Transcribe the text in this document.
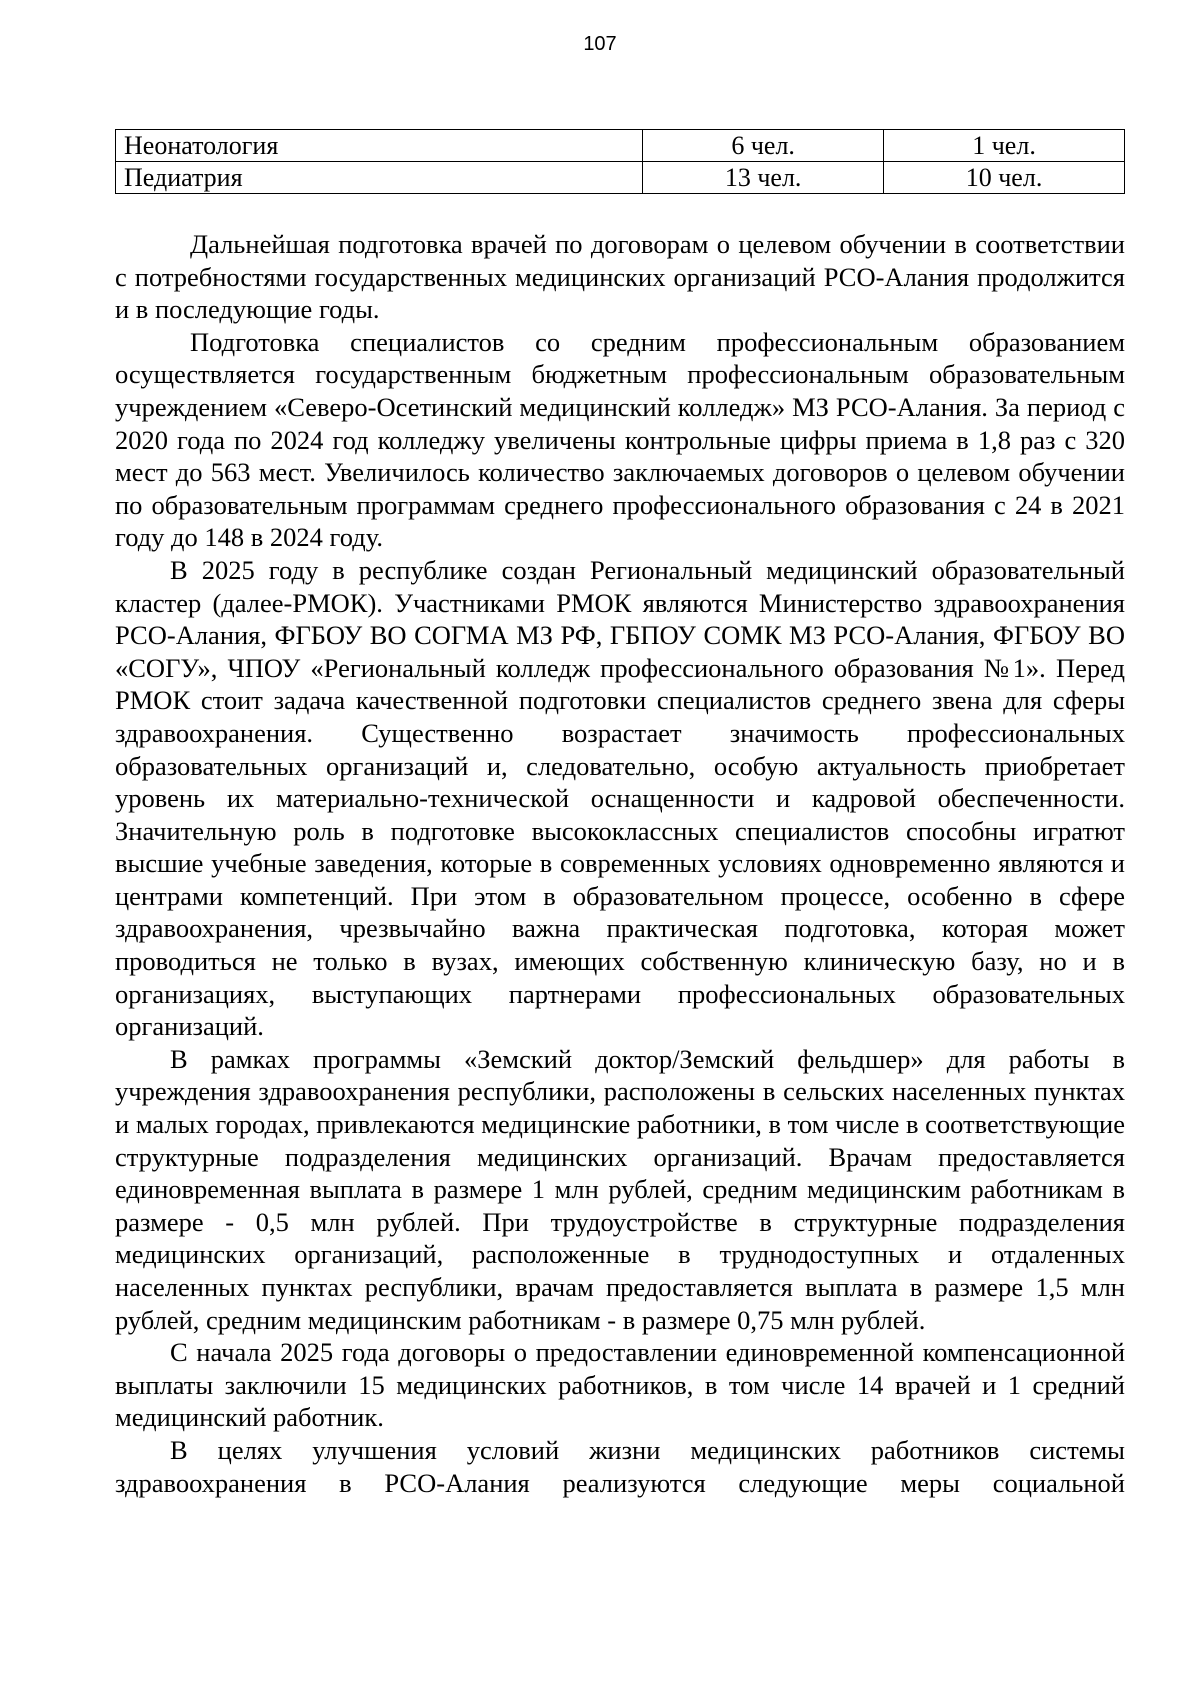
107
Неонатология	6 чел.	1 чел.
Педиатрия	13 чел.	10 чел.

Дальнейшая подготовка врачей по договорам о целевом обучении в соответствии с потребностями государственных медицинских организаций РСО-Алания продолжится и в последующие годы.

Подготовка специалистов со средним профессиональным образованием осуществляется государственным бюджетным профессиональным образовательным учреждением «Северо-Осетинский медицинский колледж» МЗ РСО-Алания. За период с 2020 года по 2024 год колледжу увеличены контрольные цифры приема в 1,8 раз с 320 мест до 563 мест. Увеличилось количество заключаемых договоров о целевом обучении по образовательным программам среднего профессионального образования с 24 в 2021 году до 148 в 2024 году.

В 2025 году в республике создан Региональный медицинский образовательный кластер (далее-РМОК). Участниками РМОК являются Министерство здравоохранения РСО-Алания, ФГБОУ ВО СОГМА МЗ РФ, ГБПОУ СОМК МЗ РСО-Алания, ФГБОУ ВО «СОГУ», ЧПОУ «Региональный колледж профессионального образования №1». Перед РМОК стоит задача качественной подготовки специалистов среднего звена для сферы здравоохранения. Существенно возрастает значимость профессиональных образовательных организаций и, следовательно, особую актуальность приобретает уровень их материально-технической оснащенности и кадровой обеспеченности. Значительную роль в подготовке высококлассных специалистов способны игратют высшие учебные заведения, которые в современных условиях одновременно являются и центрами компетенций. При этом в образовательном процессе, особенно в сфере здравоохранения, чрезвычайно важна практическая подготовка, которая может проводиться не только в вузах, имеющих собственную клиническую базу, но и в организациях, выступающих партнерами профессиональных образовательных организаций.

В рамках программы «Земский доктор/Земский фельдшер» для работы в учреждения здравоохранения республики, расположены в сельских населенных пунктах и малых городах, привлекаются медицинские работники, в том числе в соответствующие структурные подразделения медицинских организаций. Врачам предоставляется единовременная выплата в размере 1 млн рублей, средним медицинским работникам в размере - 0,5 млн рублей. При трудоустройстве в структурные подразделения медицинских организаций, расположенные в труднодоступных и отдаленных населенных пунктах республики, врачам предоставляется выплата в размере 1,5 млн рублей, средним медицинским работникам - в размере 0,75 млн рублей.

С начала 2025 года договоры о предоставлении единовременной компенсационной выплаты заключили 15 медицинских работников, в том числе 14 врачей и 1 средний медицинский работник.

В целях улучшения условий жизни медицинских работников системы здравоохранения в РСО-Алания реализуются следующие меры социальной
